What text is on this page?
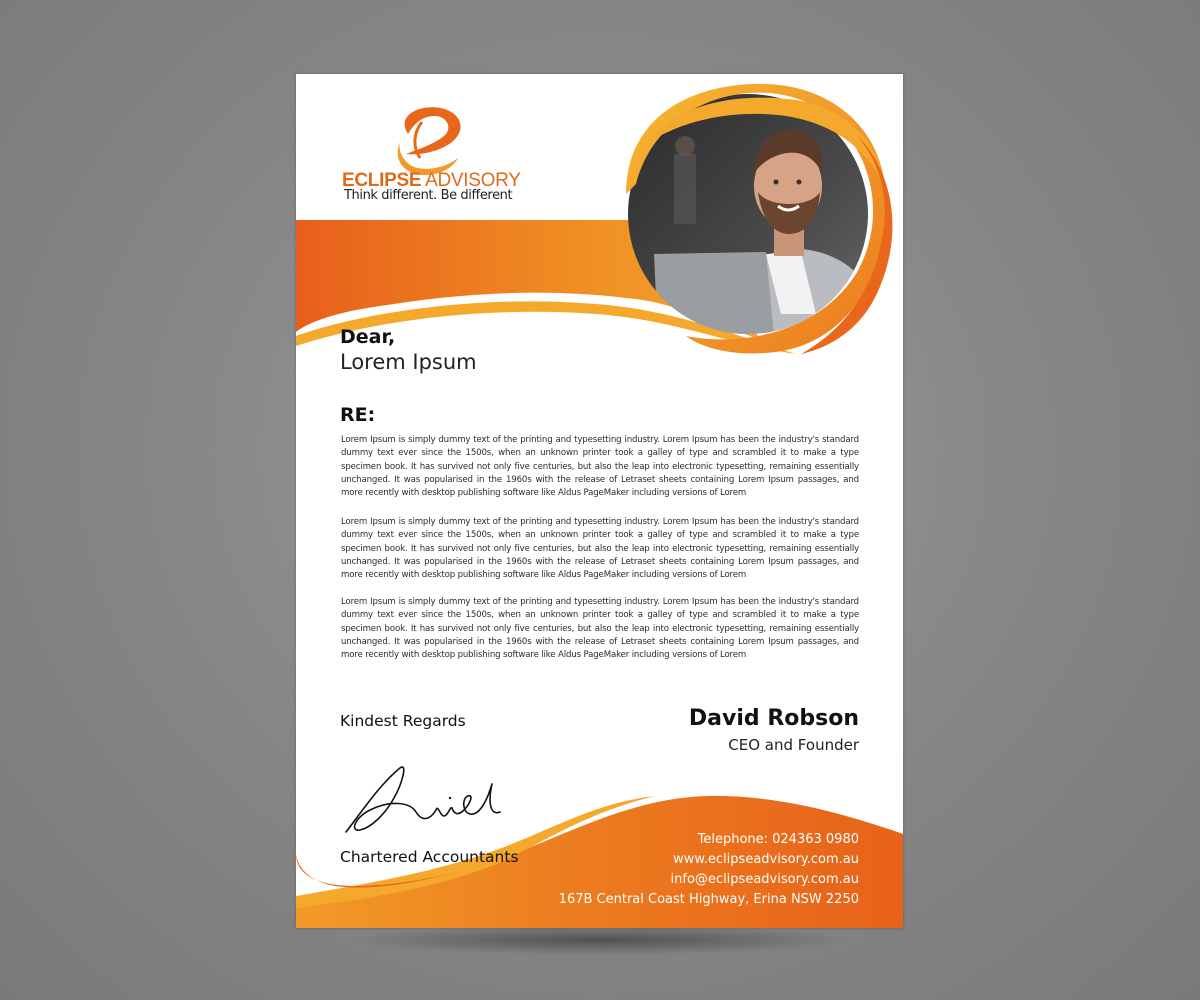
ECLIPSE ADVISORY
Think different. Be different
Dear,
Lorem Ipsum
RE:

Lorem Ipsum is simply dummy text of the printing and typesetting industry. Lorem Ipsum has been the industry's standard dummy text ever since the 1500s, when an unknown printer took a galley of type and scrambled it to make a type specimen book. It has survived not only five centuries, but also the leap into electronic typesetting, remaining essentially unchanged. It was popularised in the 1960s with the release of Letraset sheets containing Lorem Ipsum passages, and more recently with desktop publishing software like Aldus PageMaker including versions of Lorem

Lorem Ipsum is simply dummy text of the printing and typesetting industry. Lorem Ipsum has been the industry's standard dummy text ever since the 1500s, when an unknown printer took a galley of type and scrambled it to make a type specimen book. It has survived not only five centuries, but also the leap into electronic typesetting, remaining essentially unchanged. It was popularised in the 1960s with the release of Letraset sheets containing Lorem Ipsum passages, and more recently with desktop publishing software like Aldus PageMaker including versions of Lorem

Lorem Ipsum is simply dummy text of the printing and typesetting industry. Lorem Ipsum has been the industry's standard dummy text ever since the 1500s, when an unknown printer took a galley of type and scrambled it to make a type specimen book. It has survived not only five centuries, but also the leap into electronic typesetting, remaining essentially unchanged. It was popularised in the 1960s with the release of Letraset sheets containing Lorem Ipsum passages, and more recently with desktop publishing software like Aldus PageMaker including versions of Lorem

Kindest Regards	David Robson
CEO and Founder
Chartered Accountants
Telephone: 024363 0980
www.eclipseadvisory.com.au
info@eclipseadvisory.com.au
167B Central Coast Highway, Erina NSW 2250
